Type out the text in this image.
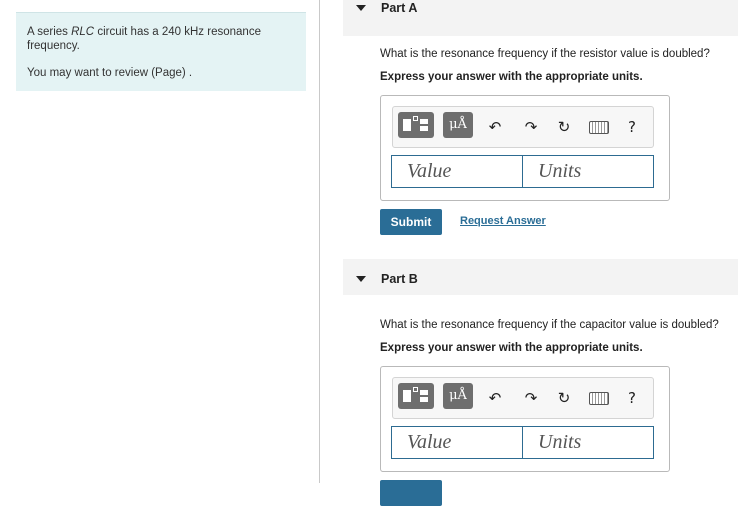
A series RLC circuit has a 240 kHz resonance
frequency.
You may want to review (Page) .
Part A
What is the resonance frequency if the resistor value is doubled?
Express your answer with the appropriate units.
μÅ	↶ ↷ ↻	?
Value	Units
Submit	Request Answer
Part B
What is the resonance frequency if the capacitor value is doubled?
Express your answer with the appropriate units.
μÅ	↶ ↷ ↻	?
Value	Units
